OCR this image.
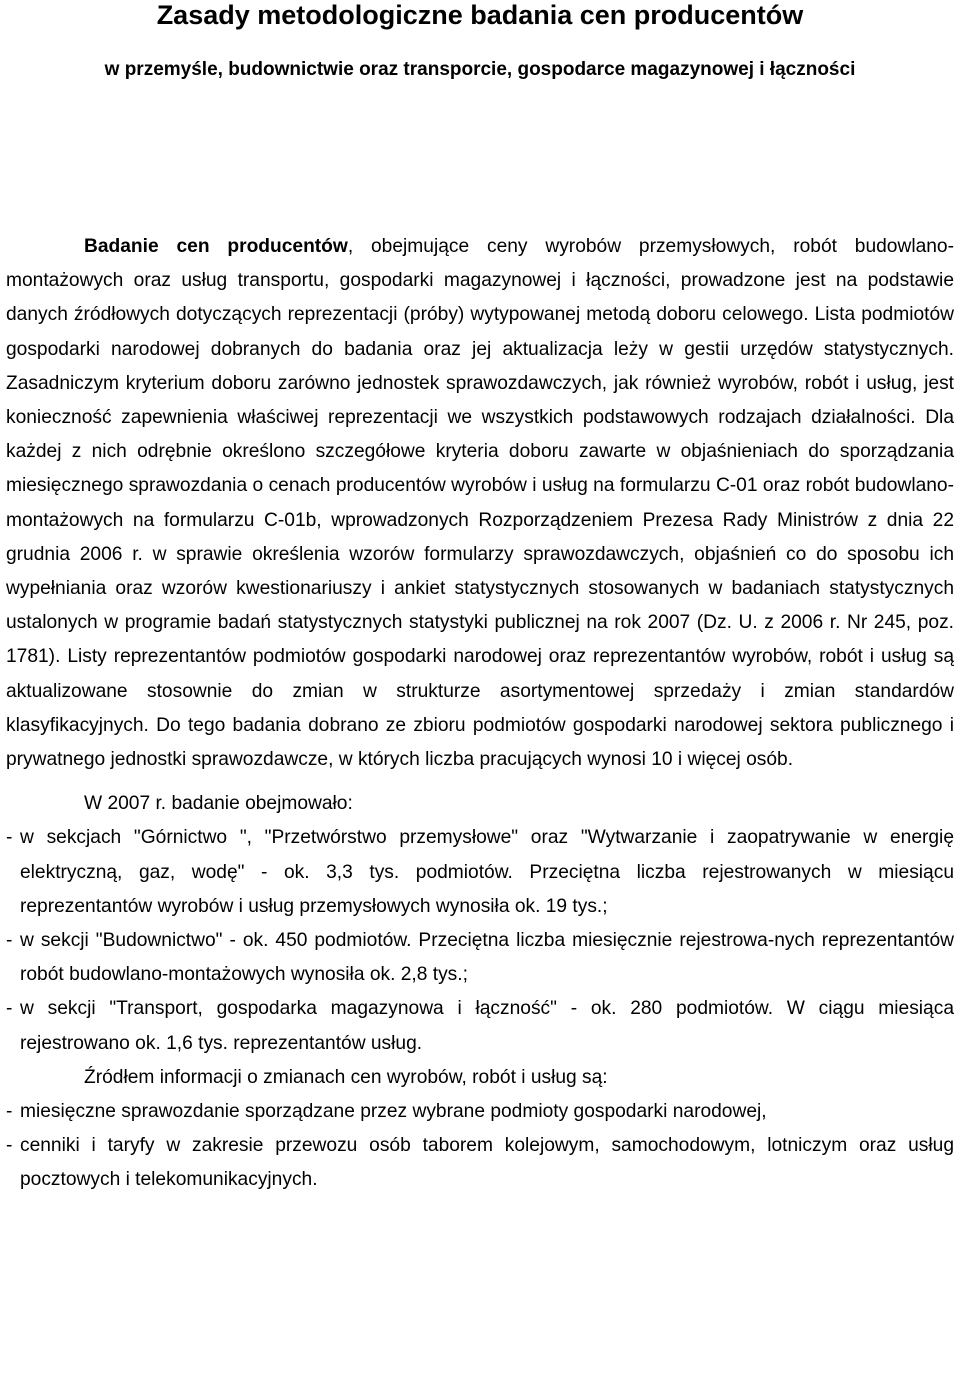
Zasady metodologiczne badania cen producentów
w przemyśle, budownictwie oraz transporcie, gospodarce magazynowej i łączności

Badanie cen producentów, obejmujące ceny wyrobów przemysłowych, robót budowlano-montażowych oraz usług transportu, gospodarki magazynowej i łączności, prowadzone jest na podstawie danych źródłowych dotyczących reprezentacji (próby) wytypowanej metodą doboru celowego. Lista podmiotów gospodarki narodowej dobranych do badania oraz jej aktualizacja leży w gestii urzędów statystycznych. Zasadniczym kryterium doboru zarówno jednostek sprawozdawczych, jak również wyrobów, robót i usług, jest konieczność zapewnienia właściwej reprezentacji we wszystkich podstawowych rodzajach działalności. Dla każdej z nich odrębnie określono szczegółowe kryteria doboru zawarte w objaśnieniach do sporządzania miesięcznego sprawozdania o cenach producentów wyrobów i usług na formularzu C-01 oraz robót budowlano-montażowych na formularzu C-01b, wprowadzonych Rozporządzeniem Prezesa Rady Ministrów z dnia 22 grudnia 2006 r. w sprawie określenia wzorów formularzy sprawozdawczych, objaśnień co do sposobu ich wypełniania oraz wzorów kwestionariuszy i ankiet statystycznych stosowanych w badaniach statystycznych ustalonych w programie badań statystycznych statystyki publicznej na rok 2007 (Dz. U. z 2006 r. Nr 245, poz. 1781). Listy reprezentantów podmiotów gospodarki narodowej oraz reprezentantów wyrobów, robót i usług są aktualizowane stosownie do zmian w strukturze asortymentowej sprzedaży i zmian standardów klasyfikacyjnych. Do tego badania dobrano ze zbioru podmiotów gospodarki narodowej sektora publicznego i prywatnego jednostki sprawozdawcze, w których liczba pracujących wynosi 10 i więcej osób.

W 2007 r. badanie obejmowało:

- w sekcjach "Górnictwo ", "Przetwórstwo przemysłowe" oraz "Wytwarzanie i zaopatrywanie w energię elektryczną, gaz, wodę" - ok. 3,3 tys. podmiotów. Przeciętna liczba rejestrowanych w miesiącu reprezentantów wyrobów i usług przemysłowych wynosiła ok. 19 tys.;
- w sekcji "Budownictwo" - ok. 450 podmiotów. Przeciętna liczba miesięcznie rejestrowa-nych reprezentantów robót budowlano-montażowych wynosiła ok. 2,8 tys.;
- w sekcji "Transport, gospodarka magazynowa i łączność" - ok. 280 podmiotów. W ciągu miesiąca rejestrowano ok. 1,6 tys. reprezentantów usług.

Źródłem informacji o zmianach cen wyrobów, robót i usług są:

- miesięczne sprawozdanie sporządzane przez wybrane podmioty gospodarki narodowej,
- cenniki i taryfy w zakresie przewozu osób taborem kolejowym, samochodowym, lotniczym oraz usług pocztowych i telekomunikacyjnych.
